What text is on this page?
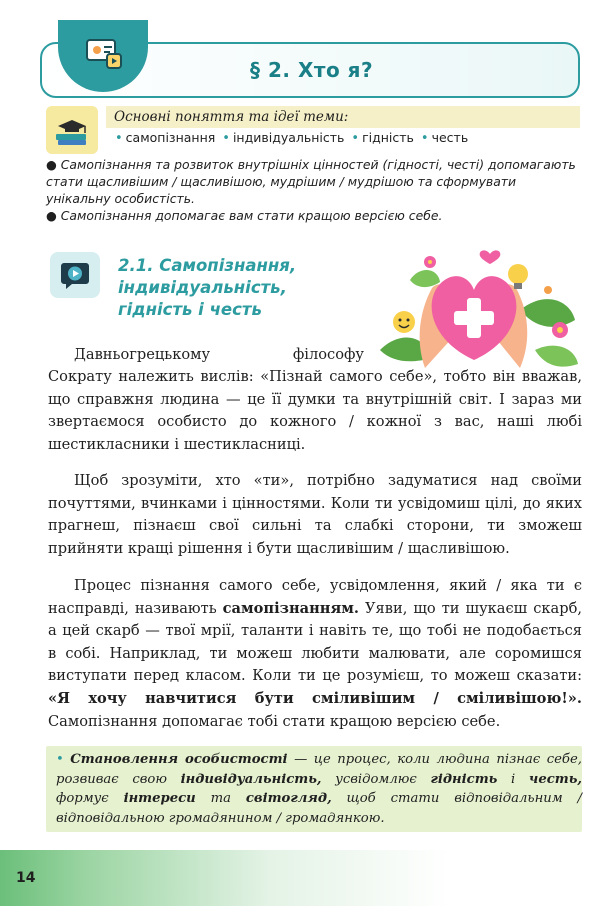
§ 2. Хто я?
Основні поняття та ідеї теми:
• самопізнання • індивідуальність • гідність • честь

● Самопізнання та розвиток внутрішніх цінностей (гідності, честі) допомагають стати щасливішим / щасливішою, мудрішим / мудрішою та сформувати унікальну особистість.

● Самопізнання допомагає вам стати кращою версією себе.

2.1. Самопізнання, індивідуальність, гідність і честь
Давньогрецькому філософу
Сократу належить вислів: «Пізнай самого себе», тобто він вважав, що справжня людина — це її думки та внутрішній світ. І зараз ми звертаємося особисто до кожного / кожної з вас, наші любі шестикласники і шестикласниці.
Щоб зрозуміти, хто «ти», потрібно задуматися над своїми почуттями, вчинками і цінностями. Коли ти усвідомиш цілі, до яких прагнеш, пізнаєш свої сильні та слабкі сторони, ти зможеш прийняти кращі рішення і бути щасливішим / щасливішою.
Процес пізнання самого себе, усвідомлення, який / яка ти є насправді, називають самопізнанням. Уяви, що ти шукаєш скарб, а цей скарб — твої мрії, таланти і навіть те, що тобі не подобається в собі. Наприклад, ти можеш любити малювати, але соромишся виступати перед класом. Коли ти це розумієш, то можеш сказати: «Я хочу навчитися бути сміливішим / сміливішою!». Самопізнання допомагає тобі стати кращою версією себе.
• Становлення особистості — це процес, коли людина пізнає себе, розвиває свою індивідуальність, усвідомлює гідність і честь, формує інтереси та світогляд, щоб стати відповідальним / відповідальною громадянином / громадянкою.
14
